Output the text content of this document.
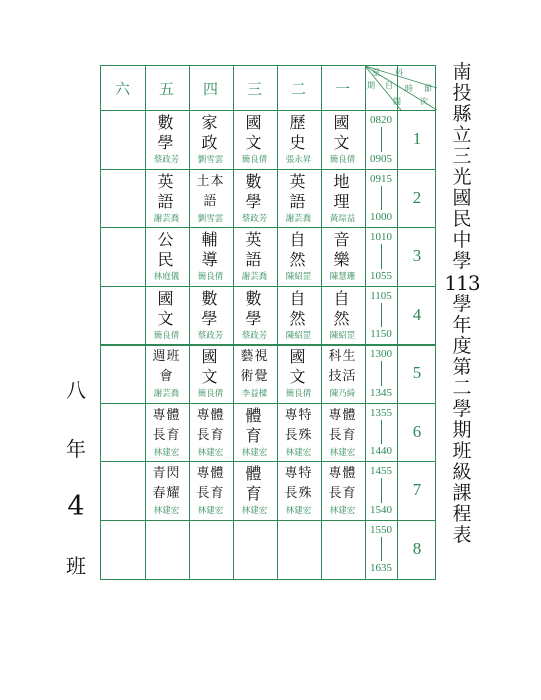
南
投
縣
立
三
光
國
民
中
學
113
學
年
度
第
二
學
期
班
級
課
程
表
八
年
4
班
星
期
科
目 時
間
節
次
一
二
三
四
五
六
國
文
簡良倩
歷
史
張永昇
國
文
簡良倩
家
政
劉雪雲
數
學
蔡政芳
0820
0905
1
地
理
黃琮益
英
語
謝芸喬
數
學
蔡政芳
土本
語
劉雪雲
英
語
謝芸喬
0915
1000
2
音
樂
陳慧珊
自
然
陳紹罡
英
語
謝芸喬
輔
導
簡良倩
公
民
林庭儀
1010
1055
3
自
然
陳紹罡
自
然
陳紹罡
數
學
蔡政芳
數
學
蔡政芳
國
文
簡良倩
1105
1150
4
科生
技活
陳乃綺
國
文
簡良倩
藝視
術覺
李益樑
國
文
簡良倩
週班
會
謝芸喬
1300
1345
5
專體
長育
林建宏
專特
長殊
林建宏
體
育
林建宏
專體
長育
林建宏
專體
長育
林建宏
1355
1440
6
專體
長育
林建宏
專特
長殊
林建宏
體
育
林建宏
專體
長育
林建宏
青閃
春耀
林建宏
1455
1540
7
1550
1635
8
